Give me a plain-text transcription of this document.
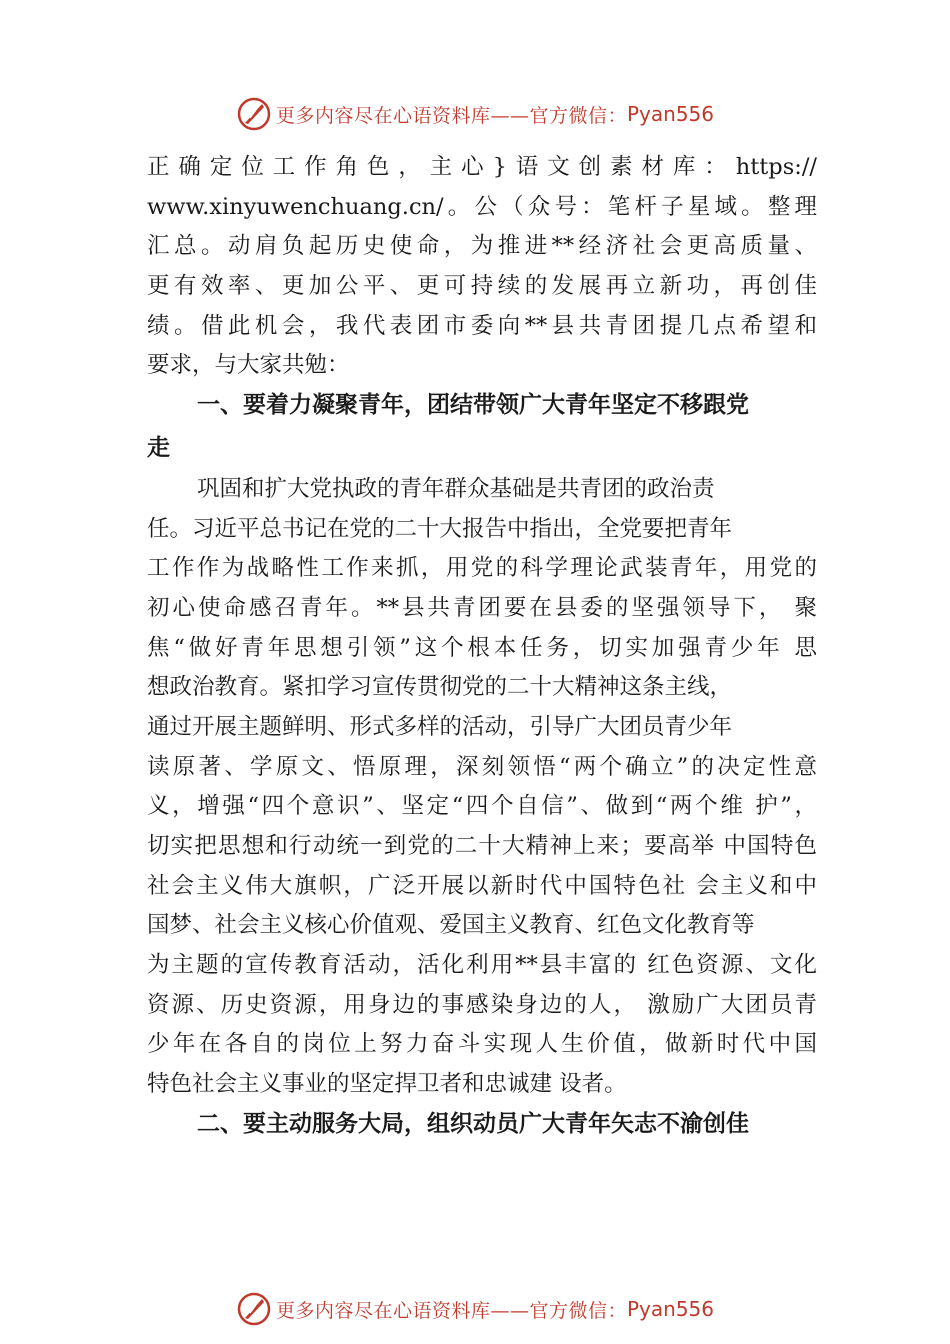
更多内容尽在心语资料库——官方微信： Pyan556
正确定位工作角色，主心}语文创素材库：https://
www.xinyuwenchuang.cn/。公（众号：笔杆子星域。整理
汇总。动肩负起历史使命，为推进**经济社会更高质量、
更有效率、更加公平、更可持续的发展再立新功，再创佳
绩。借此机会，我代表团市委向**县共青团提几点希望和
要求，与大家共勉：
一、要着力凝聚青年，团结带领广大青年坚定不移跟党
走
巩固和扩大党执政的青年群众基础是共青团的政治责
任。习近平总书记在党的二十大报告中指出，全党要把青年
工作作为战略性工作来抓，用党的科学理论武装青年，用党的
初心使命感召青年。**县共青团要在县委的坚强领导下， 聚
焦“做好青年思想引领”这个根本任务，切实加强青少年 思
想政治教育。紧扣学习宣传贯彻党的二十大精神这条主线，
通过开展主题鲜明、形式多样的活动，引导广大团员青少年
读原著、学原文、悟原理，深刻领悟“两个确立”的决定性意
义，增强“四个意识”、坚定“四个自信”、做到“两个维 护”，
切实把思想和行动统一到党的二十大精神上来；要高举 中国特色
社会主义伟大旗帜，广泛开展以新时代中国特色社 会主义和中
国梦、社会主义核心价值观、爱国主义教育、红色文化教育等
为主题的宣传教育活动，活化利用**县丰富的 红色资源、文化
资源、历史资源，用身边的事感染身边的人， 激励广大团员青
少年在各自的岗位上努力奋斗实现人生价值，做新时代中国
特色社会主义事业的坚定捍卫者和忠诚建 设者。
二、要主动服务大局，组织动员广大青年矢志不渝创佳
更多内容尽在心语资料库——官方微信： Pyan556
